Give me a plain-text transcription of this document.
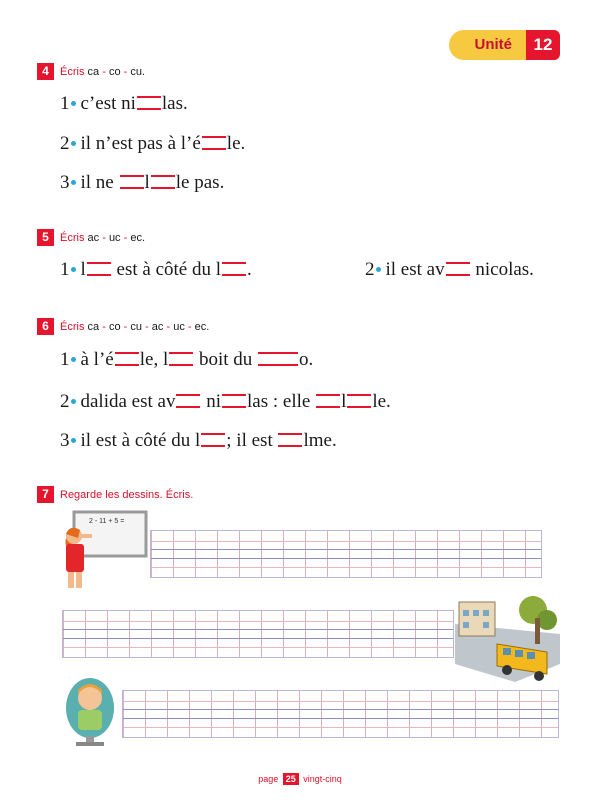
Unité	12
4	Écris
ca - co - cu .
1 c’est ni las.
2 il n’est pas à l’é le.
3 il ne l le pas.
5	Écris
ac - uc - ec .
1 l est à côté du l .	2 il est av nicolas.
6	Écris
ca - co - cu - ac - uc - ec .
1 à l’é le, l boit du o.
2 dalida est av ni las : elle l le.
3 il est à côté du l ; il est lme.
7	Regarde les dessins. Écris.
2 - 11 + 5 =
page 25 vingt-cinq
